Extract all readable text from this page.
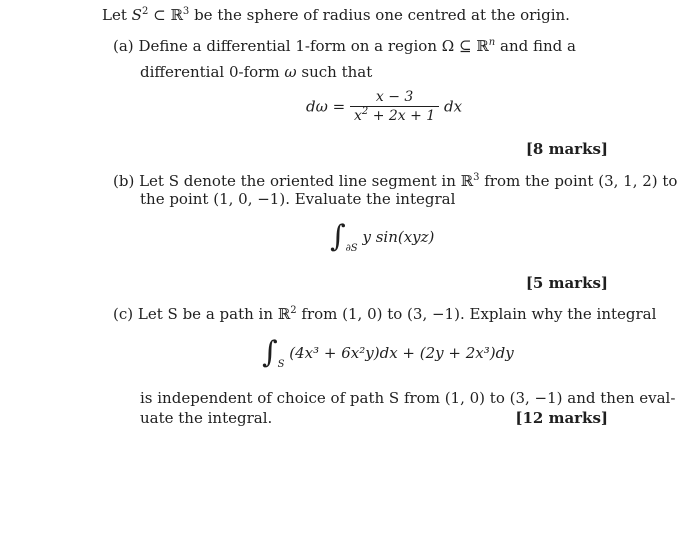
Let $S^2$ ⊂ ℝ$^3$ be the sphere of radius one centred at the origin.
(a) Define a differential 1-form on a region Ω ⊆ ℝ$^n$ and find a
differential 0-form ω such that
$d\omega = \frac{x - 3}{x^2 + 2x + 1}$ dx
[8 marks]
(b) Let S denote the oriented line segment in ℝ$^3$ from the point (3, 1, 2) to
the point (1, 0, −1). Evaluate the integral
$\int_{\partial S}$ y sin(xyz)
[5 marks]
(c) Let S be a path in ℝ$^2$ from (1, 0) to (3, −1). Explain why the integral
$\int_S$ (4x³ + 6x²y)dx + (2y + 2x³)dy
is independent of choice of path S from (1, 0) to (3, −1) and then eval-
uate the integral.	[12 marks]
